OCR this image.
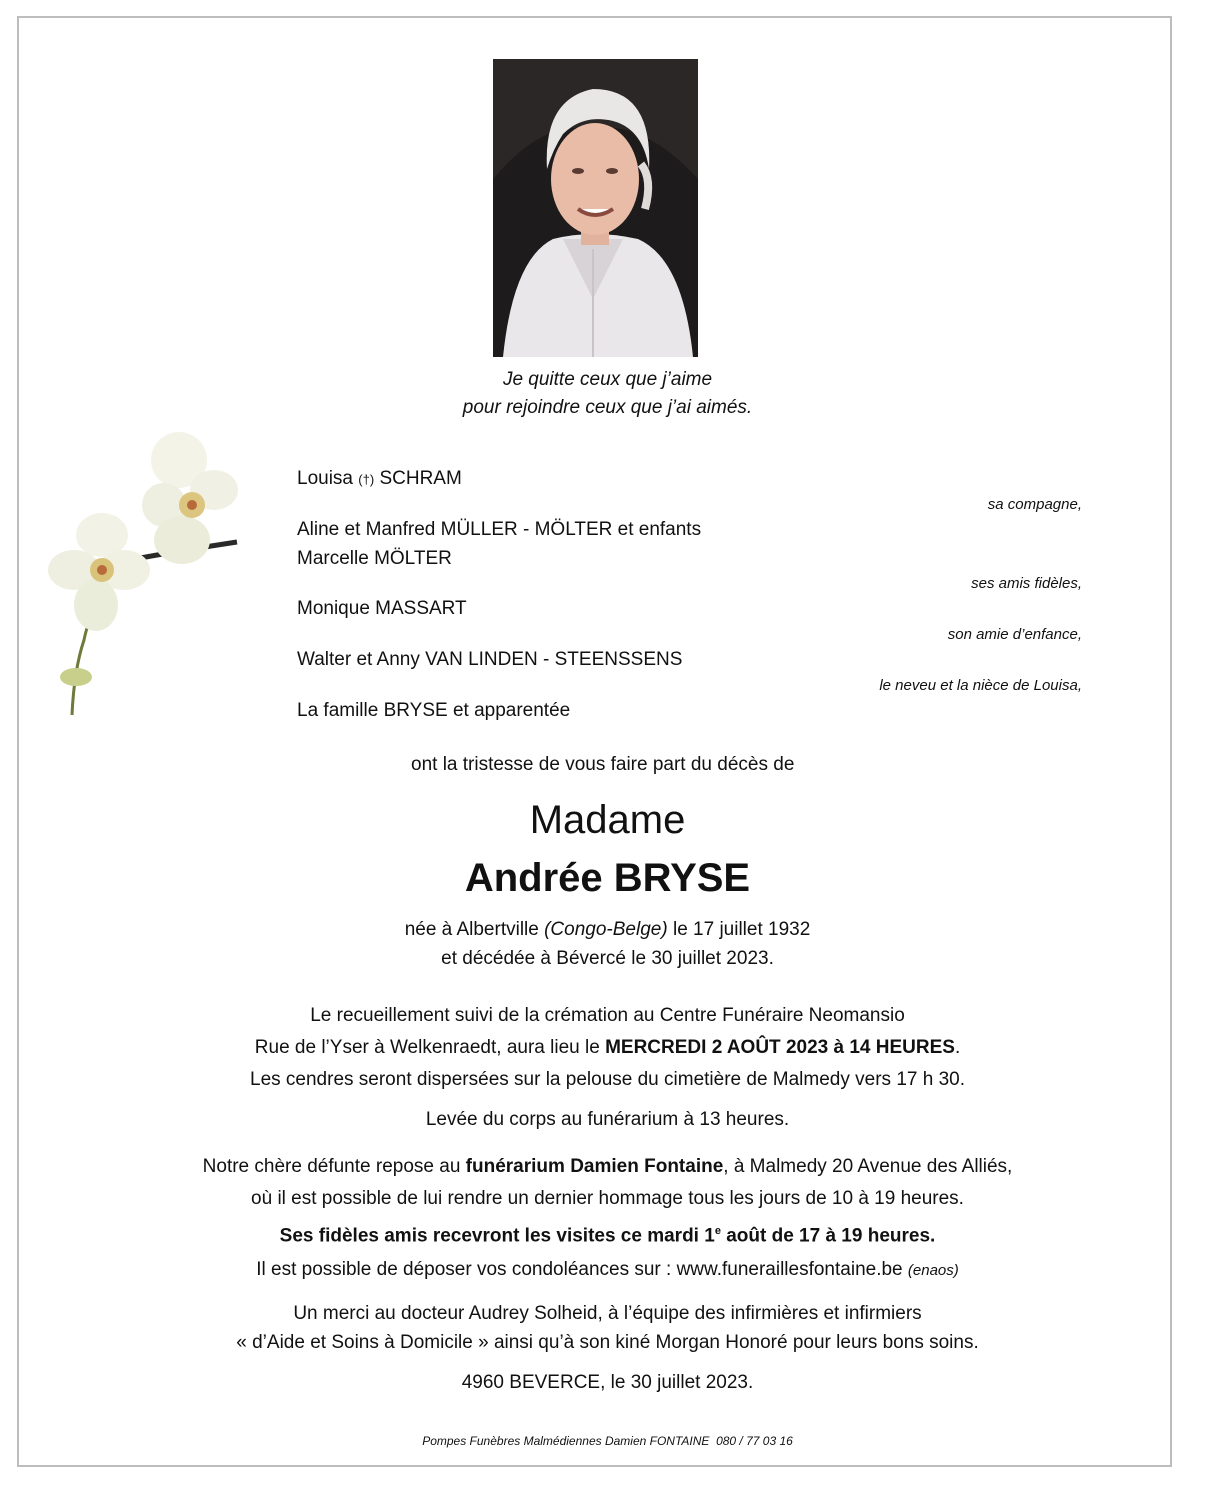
Je quitte ceux que j’aime
pour rejoindre ceux que j’ai aimés.
Louisa (†) SCHRAM
sa compagne,
Aline et Manfred MÜLLER - MÖLTER et enfants
Marcelle MÖLTER
ses amis fidèles,
Monique MASSART
son amie d’enfance,
Walter et Anny VAN LINDEN - STEENSSENS
le neveu et la nièce de Louisa,
La famille BRYSE et apparentée
ont la tristesse de vous faire part du décès de
Madame
Andrée BRYSE
née à Albertville (Congo-Belge) le 17 juillet 1932
et décédée à Bévercé le 30 juillet 2023.
Le recueillement suivi de la crémation au Centre Funéraire Neomansio
Rue de l’Yser à Welkenraedt, aura lieu le MERCREDI 2 AOÛT 2023 à 14 HEURES.
Les cendres seront dispersées sur la pelouse du cimetière de Malmedy vers 17 h 30.
Levée du corps au funérarium à 13 heures.
Notre chère défunte repose au funérarium Damien Fontaine, à Malmedy 20 Avenue des Alliés,
où il est possible de lui rendre un dernier hommage tous les jours de 10 à 19 heures.
Ses fidèles amis recevront les visites ce mardi 1e août de 17 à 19 heures.
Il est possible de déposer vos condoléances sur : www.funeraillesfontaine.be (enaos)
Un merci au docteur Audrey Solheid, à l’équipe des infirmières et infirmiers
« d’Aide et Soins à Domicile » ainsi qu’à son kiné Morgan Honoré pour leurs bons soins.
4960 BEVERCE, le 30 juillet 2023.
Pompes Funèbres Malmédiennes Damien FONTAINE  080 / 77 03 16
